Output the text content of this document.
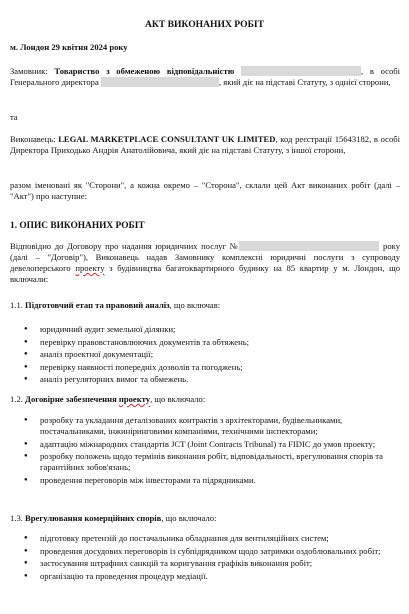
АКТ ВИКОНАНИХ РОБІТ
м. Лондон 29 квітня 2024 року
Замовник: Товариство з обмеженою відповідальністю	, в особі Генерального директора	, який діє на підставі Статуту, з однієї сторони,
та
Виконавець: LEGAL MARKETPLACE CONSULTANT UK LIMITED, код реєстрації 15643182, в особі Директора Приходько Андрія Анатолійовича, який діє на підставі Статуту, з іншої сторони,
разом іменовані як "Сторони", а кожна окремо – "Сторона", склали цей Акт виконаних робіт (далі – "Акт") про наступне:
1. ОПИС ВИКОНАНИХ РОБІТ
Відповідно до Договору про надання юридичних послуг №	року (далі – "Договір"), Виконавець надав Замовнику комплексні юридичні послуги з супроводу девелоперського проекту з будівництва багатоквартирного будинку на 85 квартир у м. Лондон, що включали:
1.1. Підготовчий етап та правовий аналіз, що включав:
● юридичний аудит земельної ділянки;
● перевірку правовстановлюючих документів та обтяжень;
● аналіз проектної документації;
● перевірку наявності попередніх дозволів та погоджень;
● аналіз регуляторних вимог та обмежень.
1.2. Договірне забезпечення проекту, що включало:
● розробку та укладання деталізованих контрактів з архітекторами, будівельниками, постачальниками, інжиніринговими компаніями, технічними інспекторами;
● адаптацію міжнародних стандартів JCT (Joint Contracts Tribunal) та FIDIC до умов проекту;
● розробку положень щодо термінів виконання робіт, відповідальності, врегулювання спорів та гарантійних зобов'язань;
● проведення переговорів між інвесторами та підрядниками.
1.3. Врегулювання комерційних спорів, що включало:
● підготовку претензій до постачальника обладнання для вентиляційних систем;
● проведення досудових переговорів із субпідрядником щодо затримки оздоблювальних робіт;
● застосування штрафних санкцій та коригування графіків виконання робіт;
● організацію та проведення процедур медіації.
